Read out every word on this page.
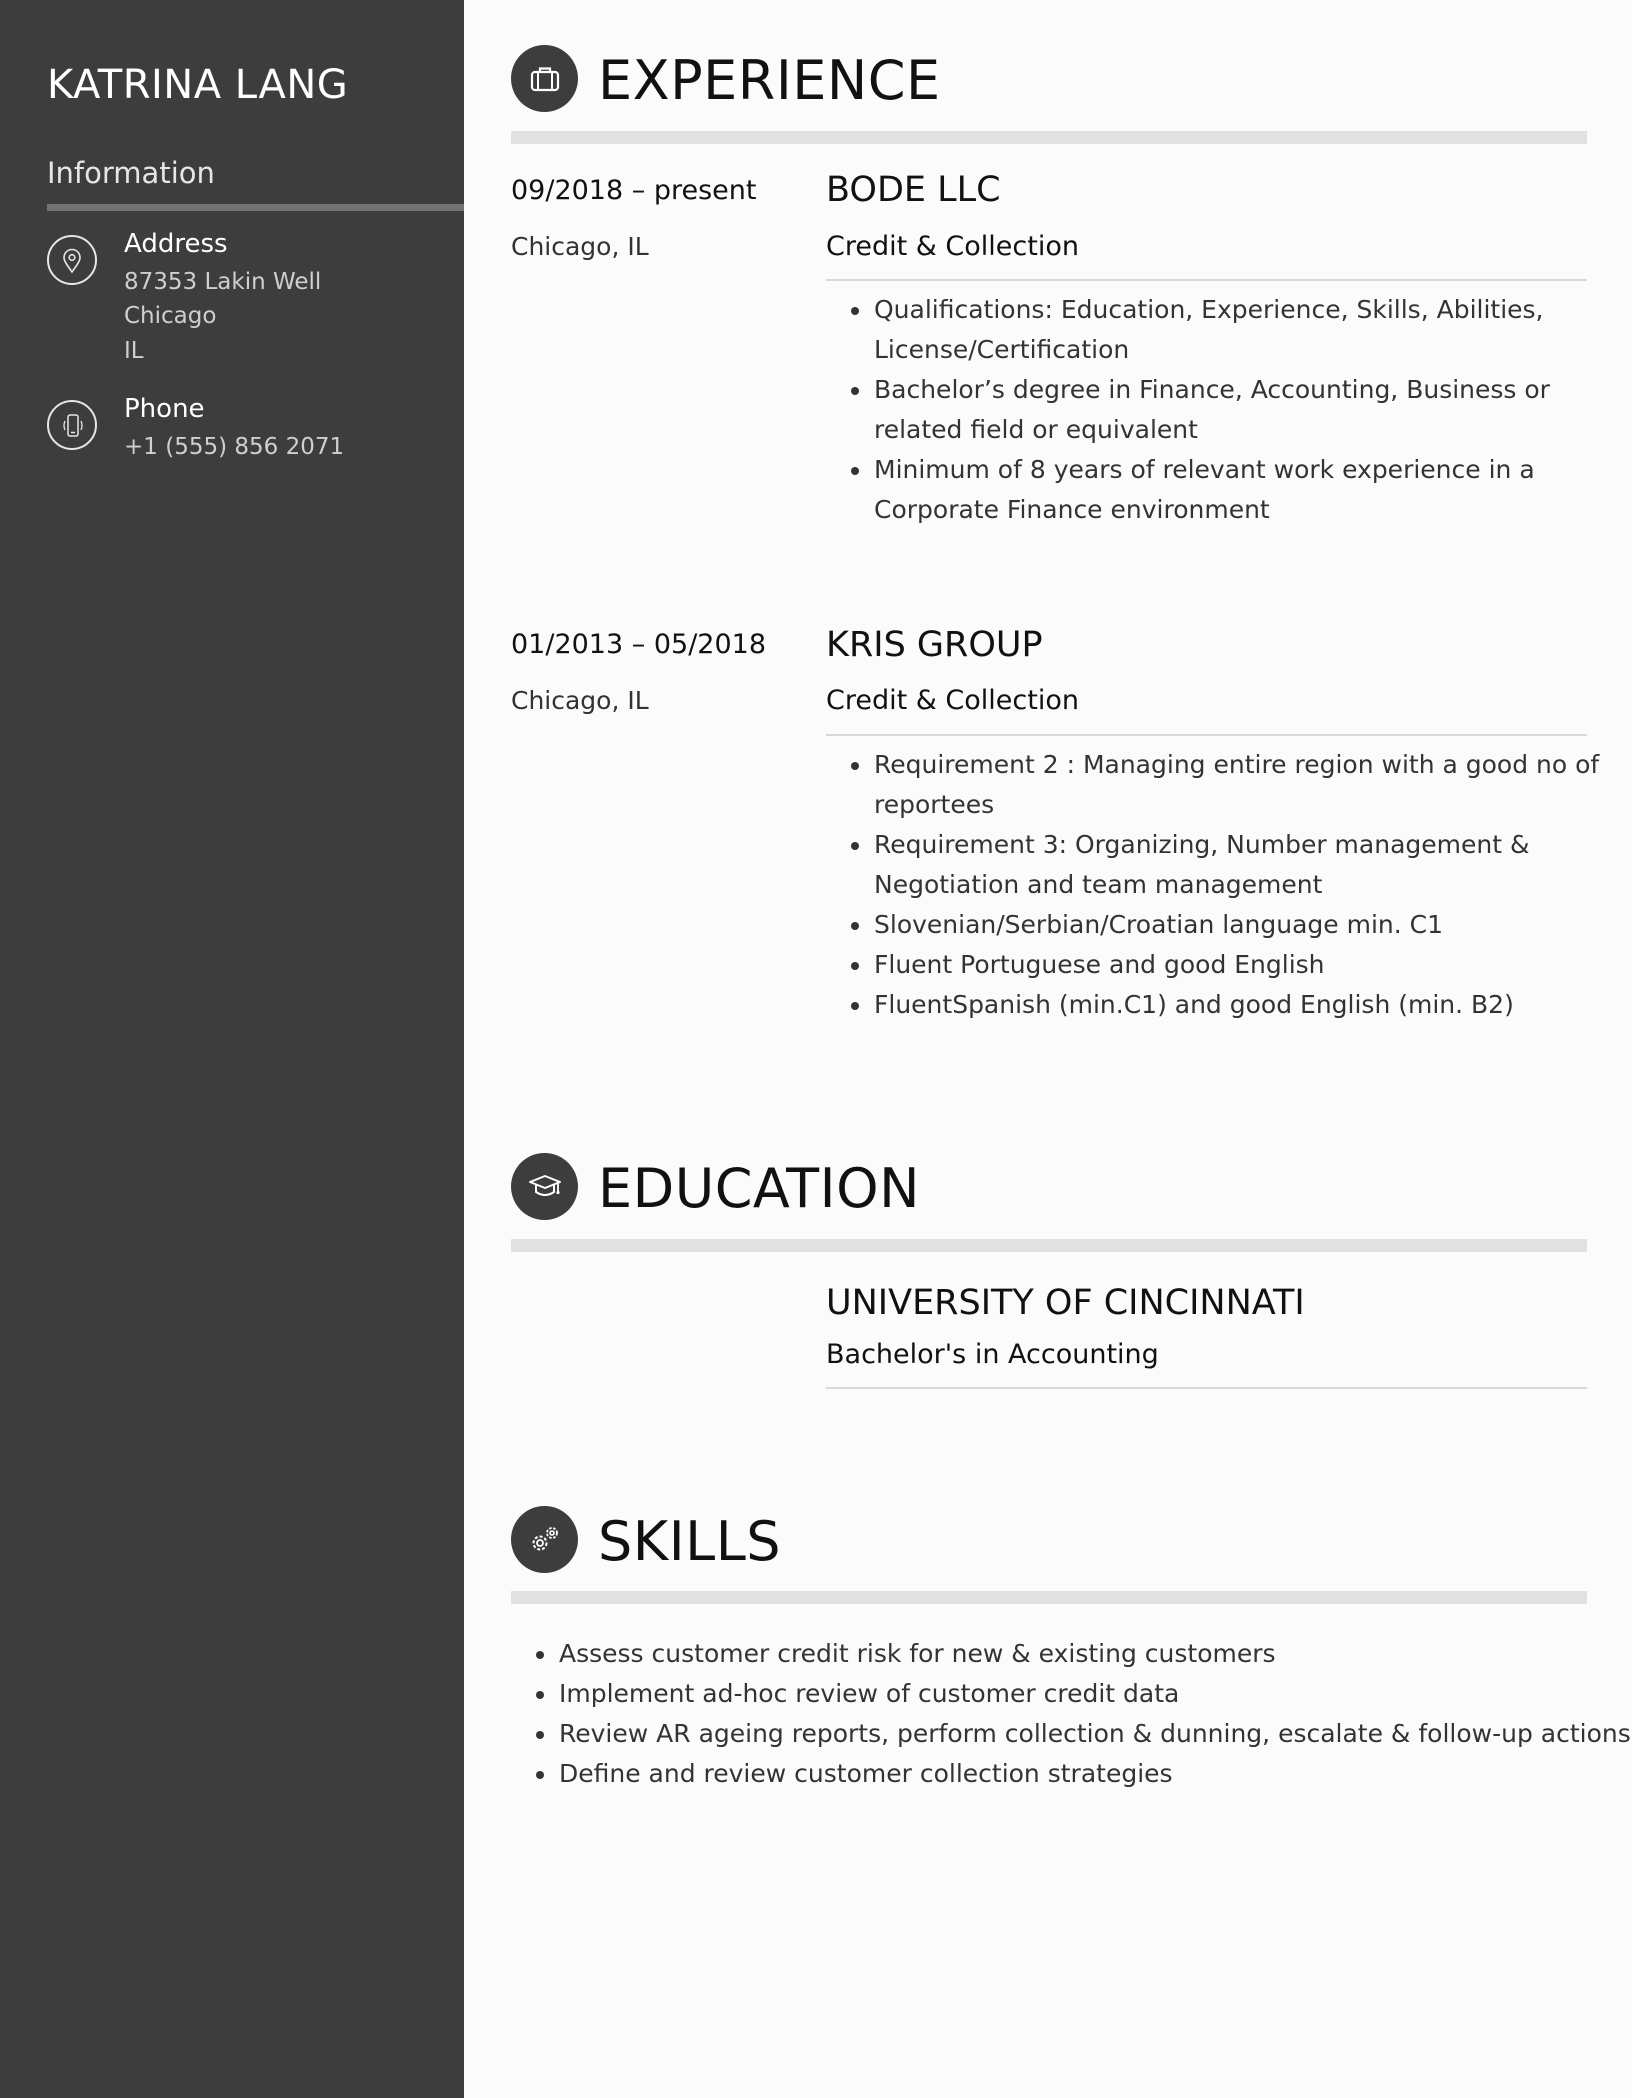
KATRINA LANG
Information
Address
87353 Lakin Well
Chicago
IL
Phone
+1 (555) 856 2071
EXPERIENCE
09/2018 – present
Chicago, IL
BODE LLC
Credit & Collection
Qualifications: Education, Experience, Skills, Abilities, License/Certification
Bachelor’s degree in Finance, Accounting, Business or related field or equivalent
Minimum of 8 years of relevant work experience in a Corporate Finance environment
01/2013 – 05/2018
Chicago, IL
KRIS GROUP
Credit & Collection
Requirement 2 : Managing entire region with a good no of reportees
Requirement 3: Organizing, Number management & Negotiation and team management
Slovenian/Serbian/Croatian language min. C1
Fluent Portuguese and good English
FluentSpanish (min.C1) and good English (min. B2)
EDUCATION
UNIVERSITY OF CINCINNATI
Bachelor's in Accounting
SKILLS
Assess customer credit risk for new & existing customers
Implement ad-hoc review of customer credit data
Review AR ageing reports, perform collection & dunning, escalate & follow-up actions
Define and review customer collection strategies
